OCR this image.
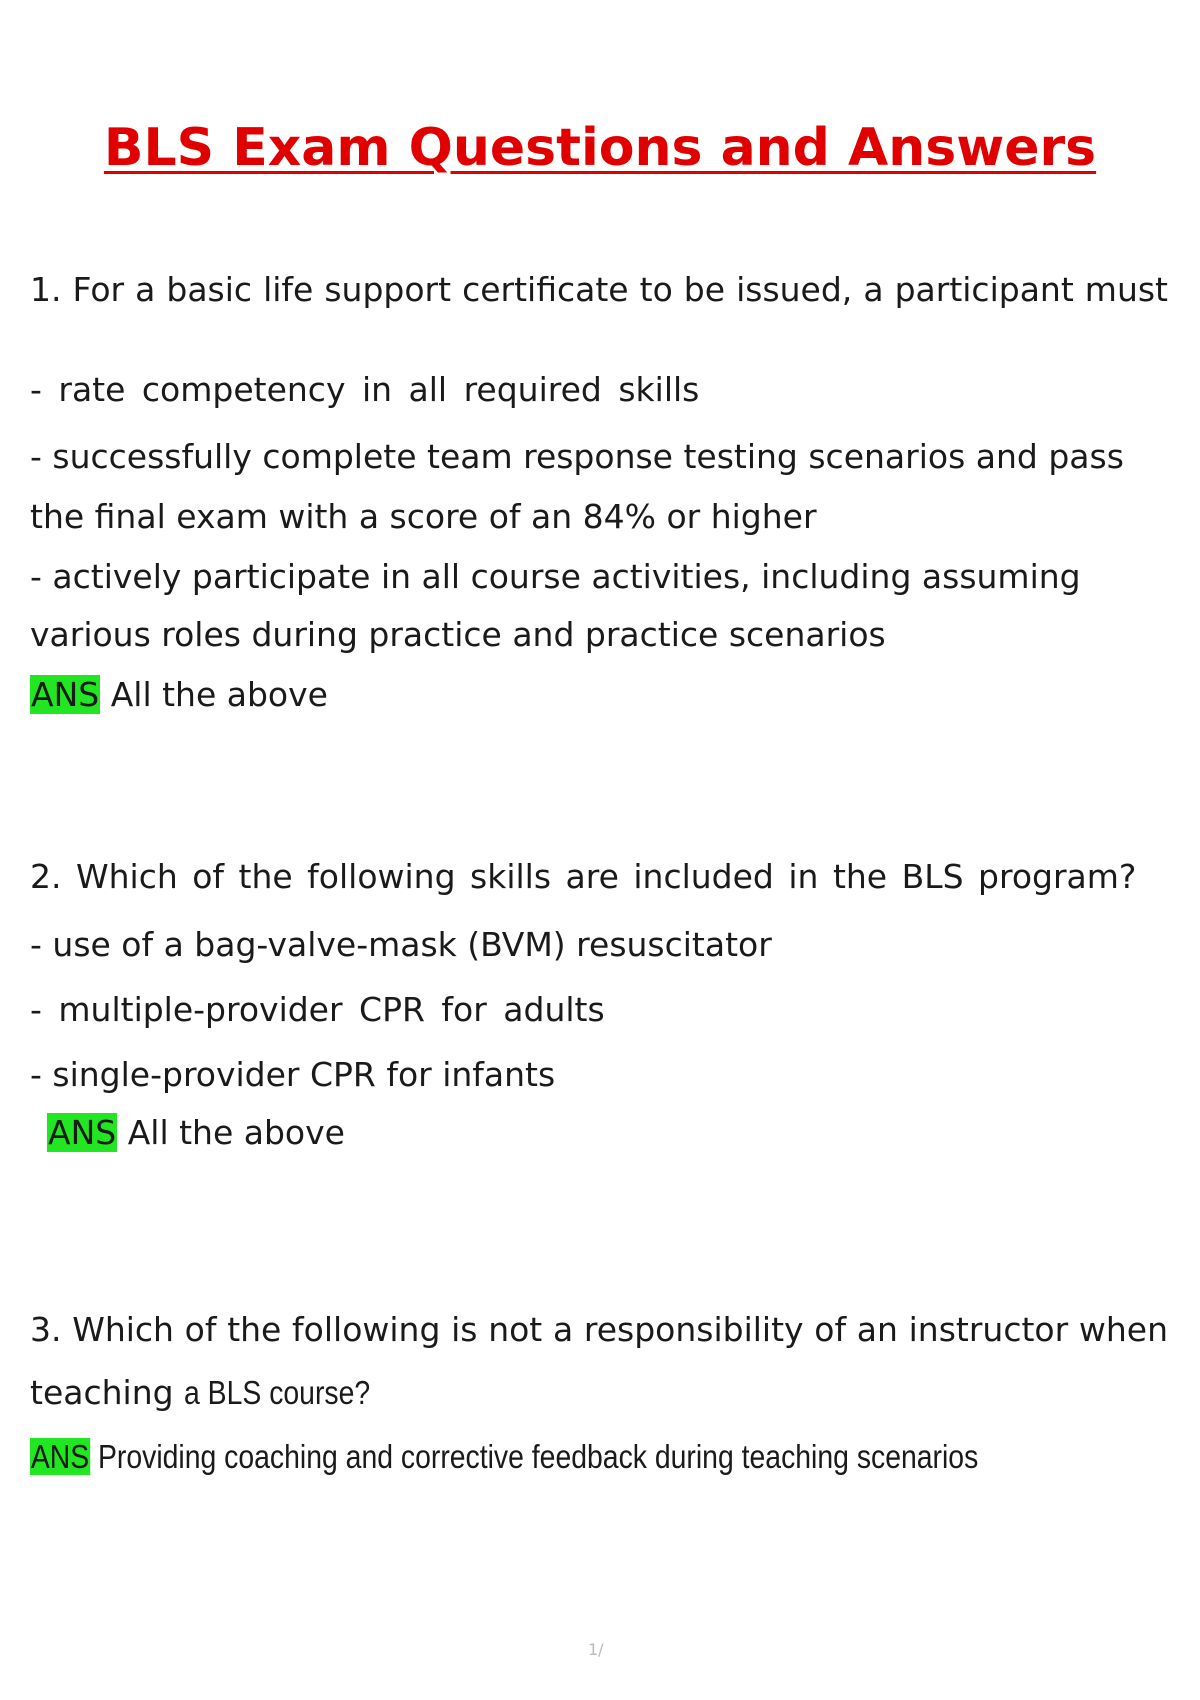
BLS Exam Questions and Answers

1. For a basic life support certificate to be issued, a participant must

- rate competency in all required skills

- successfully complete team response testing scenarios and pass

the final exam with a score of an 84% or higher

- actively participate in all course activities, including assuming

various roles during practice and practice scenarios

ANS All the above

2. Which of the following skills are included in the BLS program?

- use of a bag-valve-mask (BVM) resuscitator

- multiple-provider CPR for adults

- single-provider CPR for infants

ANS All the above

3. Which of the following is not a responsibility of an instructor when

teaching a BLS course?

ANS Providing coaching and corrective feedback during teaching scenarios

1/
